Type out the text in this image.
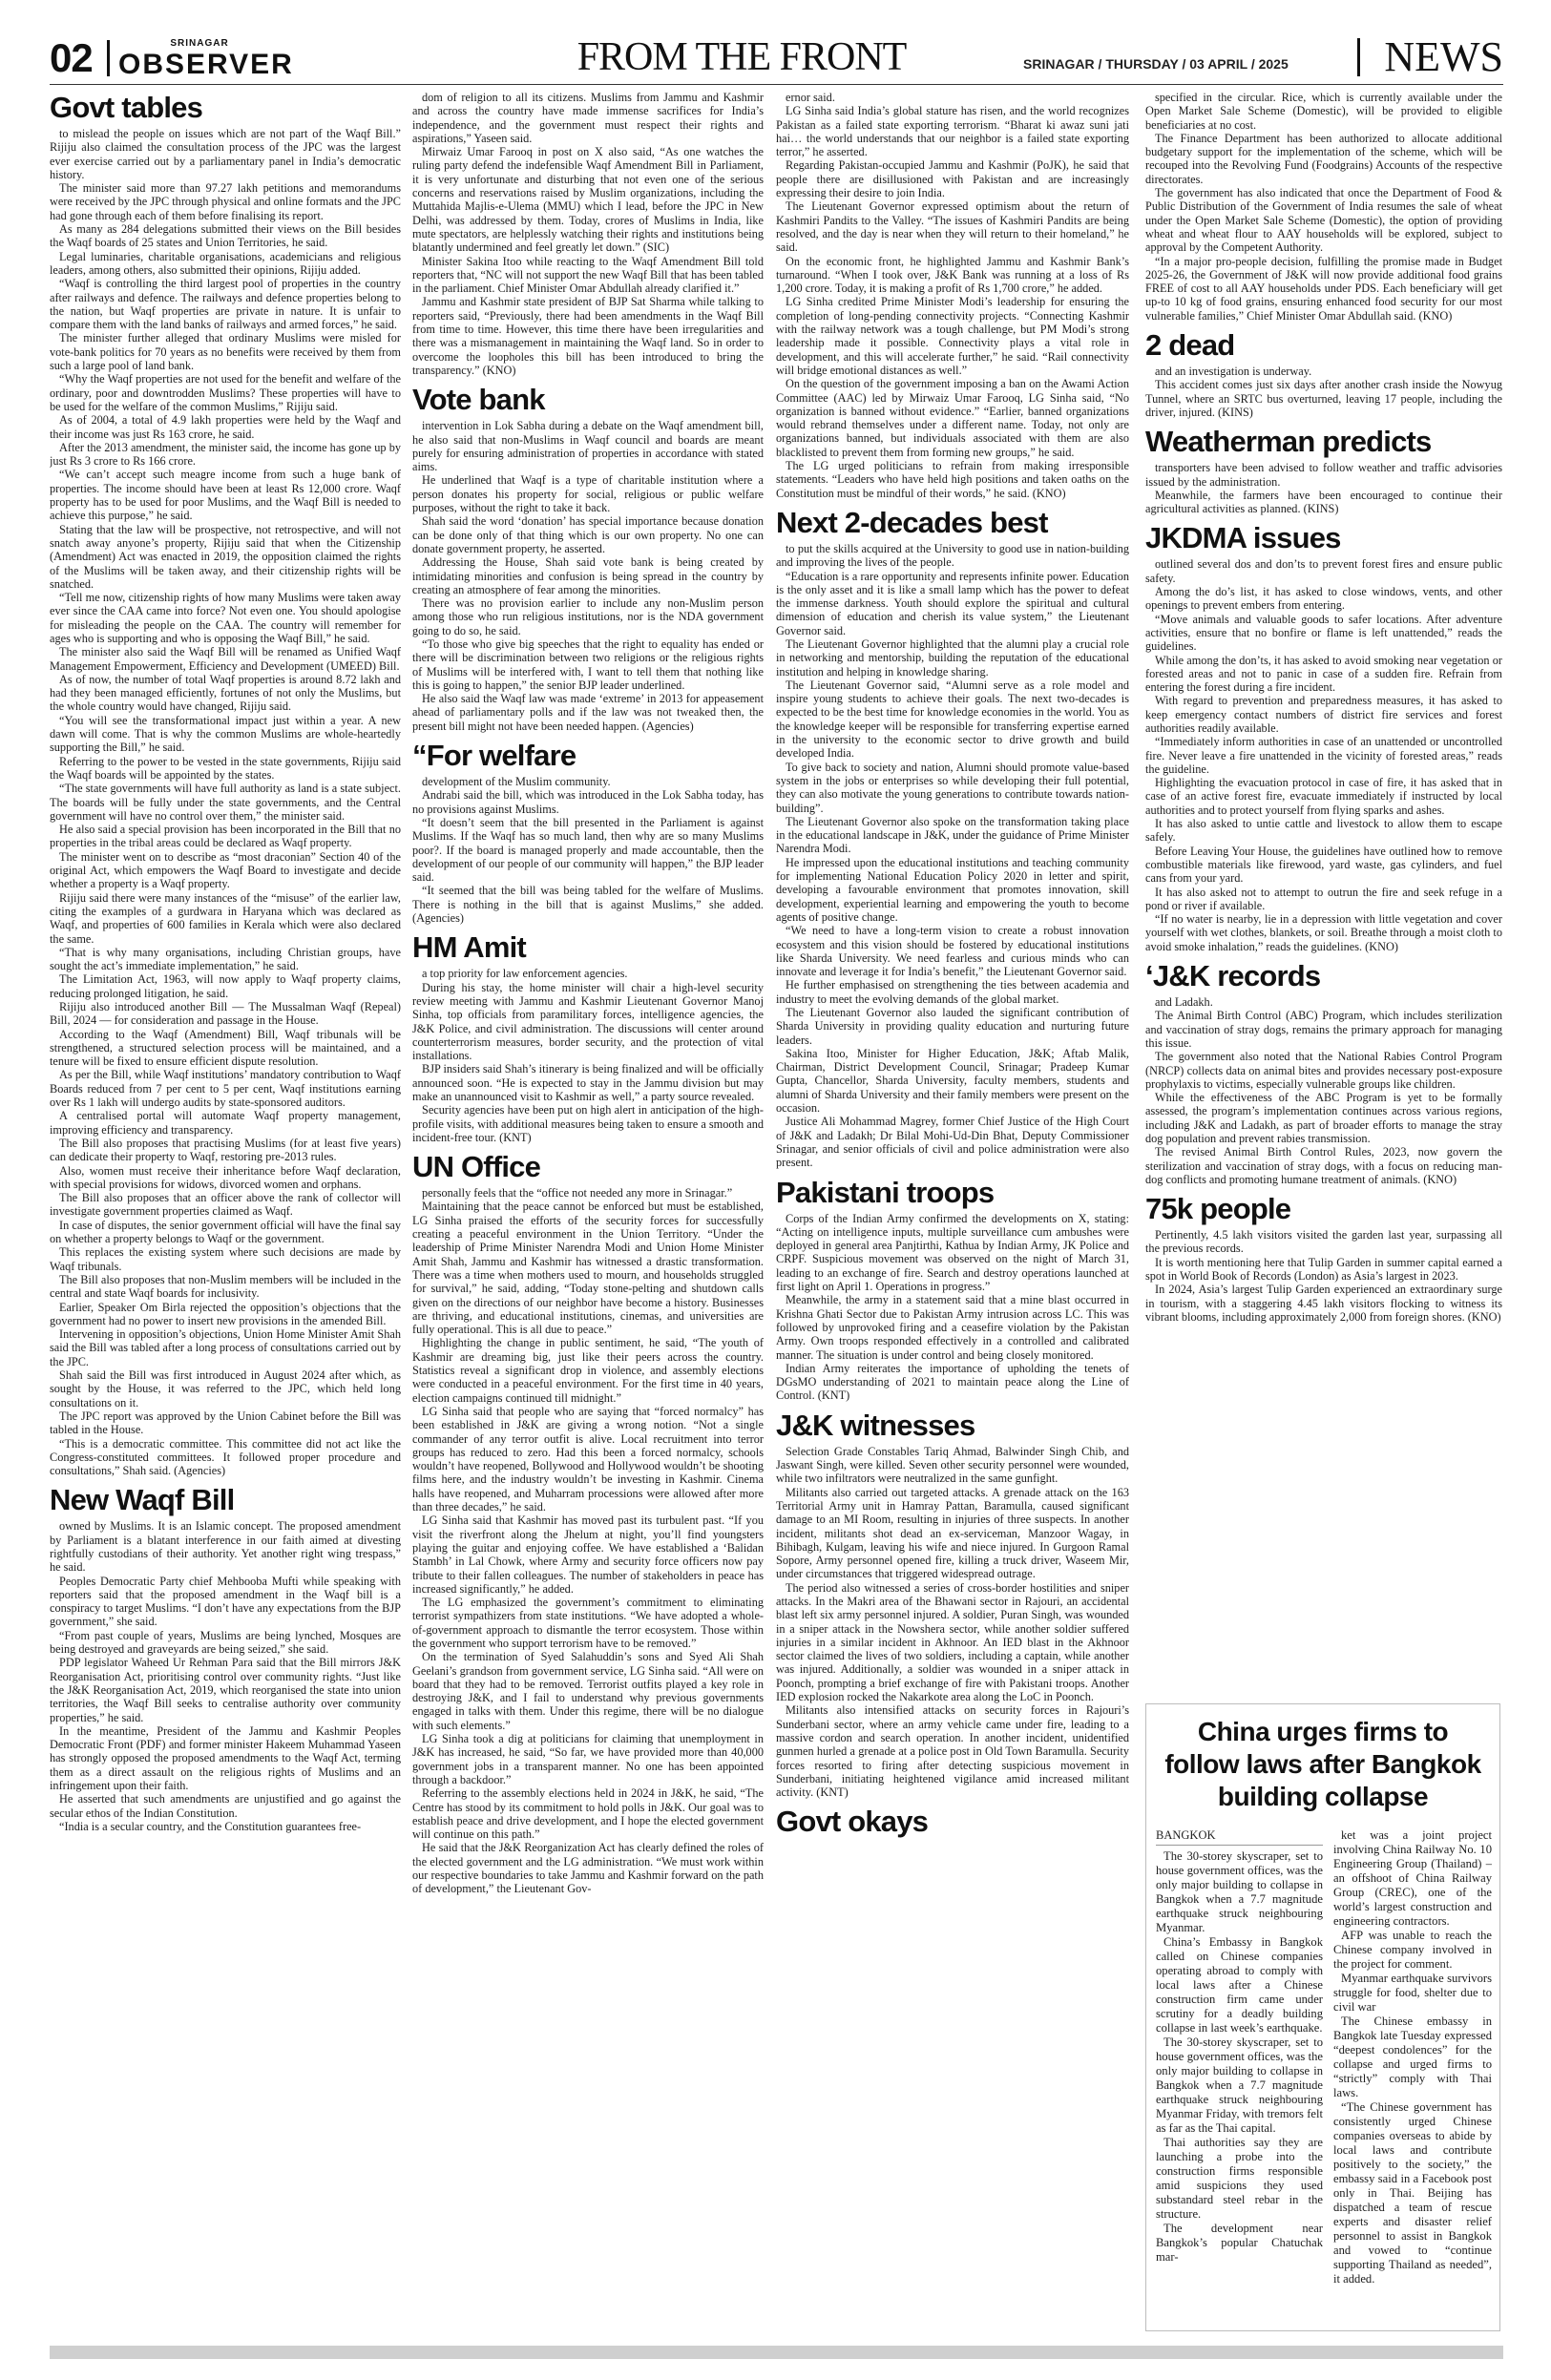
02	SRINAGAR
OBSERVER	FROM THE FRONT	SRINAGAR / THURSDAY / 03 APRIL / 2025	NEWS
Govt tables

to mislead the people on issues which are not part of the Waqf Bill.” Rijiju also claimed the consultation process of the JPC was the largest ever exercise carried out by a parliamentary panel in India’s democratic history.

The minister said more than 97.27 lakh petitions and memorandums were received by the JPC through physical and online formats and the JPC had gone through each of them before finalising its report.

As many as 284 delegations submitted their views on the Bill besides the Waqf boards of 25 states and Union Territories, he said.

Legal luminaries, charitable organisations, academicians and religious leaders, among others, also submitted their opinions, Rijiju added.

“Waqf is controlling the third largest pool of properties in the country after railways and defence. The railways and defence properties belong to the nation, but Waqf properties are private in nature. It is unfair to compare them with the land banks of railways and armed forces,” he said.

The minister further alleged that ordinary Muslims were misled for vote-bank politics for 70 years as no benefits were received by them from such a large pool of land bank.

“Why the Waqf properties are not used for the benefit and welfare of the ordinary, poor and downtrodden Muslims? These properties will have to be used for the welfare of the common Muslims,” Rijiju said.

As of 2004, a total of 4.9 lakh properties were held by the Waqf and their income was just Rs 163 crore, he said.

After the 2013 amendment, the minister said, the income has gone up by just Rs 3 crore to Rs 166 crore.

“We can’t accept such meagre income from such a huge bank of properties. The income should have been at least Rs 12,000 crore. Waqf property has to be used for poor Muslims, and the Waqf Bill is needed to achieve this purpose,” he said.

Stating that the law will be prospective, not retrospective, and will not snatch away anyone’s property, Rijiju said that when the Citizenship (Amendment) Act was enacted in 2019, the opposition claimed the rights of the Muslims will be taken away, and their citizenship rights will be snatched.

“Tell me now, citizenship rights of how many Muslims were taken away ever since the CAA came into force? Not even one. You should apologise for misleading the people on the CAA. The country will remember for ages who is supporting and who is opposing the Waqf Bill,” he said.

The minister also said the Waqf Bill will be renamed as Unified Waqf Management Empowerment, Efficiency and Development (UMEED) Bill.

As of now, the number of total Waqf properties is around 8.72 lakh and had they been managed efficiently, fortunes of not only the Muslims, but the whole country would have changed, Rijiju said.

“You will see the transformational impact just within a year. A new dawn will come. That is why the common Muslims are whole-heartedly supporting the Bill,” he said.

Referring to the power to be vested in the state governments, Rijiju said the Waqf boards will be appointed by the states.

“The state governments will have full authority as land is a state subject. The boards will be fully under the state governments, and the Central government will have no control over them,” the minister said.

He also said a special provision has been incorporated in the Bill that no properties in the tribal areas could be declared as Waqf property.

The minister went on to describe as “most draconian” Section 40 of the original Act, which empowers the Waqf Board to investigate and decide whether a property is a Waqf property.

Rijiju said there were many instances of the “misuse” of the earlier law, citing the examples of a gurdwara in Haryana which was declared as Waqf, and properties of 600 families in Kerala which were also declared the same.

“That is why many organisations, including Christian groups, have sought the act’s immediate implementation,” he said.

The Limitation Act, 1963, will now apply to Waqf property claims, reducing prolonged litigation, he said.

Rijiju also introduced another Bill — The Mussalman Waqf (Repeal) Bill, 2024 — for consideration and passage in the House.

According to the Waqf (Amendment) Bill, Waqf tribunals will be strengthened, a structured selection process will be maintained, and a tenure will be fixed to ensure efficient dispute resolution.

As per the Bill, while Waqf institutions’ mandatory contribution to Waqf Boards reduced from 7 per cent to 5 per cent, Waqf institutions earning over Rs 1 lakh will undergo audits by state-sponsored auditors.

A centralised portal will automate Waqf property management, improving efficiency and transparency.

The Bill also proposes that practising Muslims (for at least five years) can dedicate their property to Waqf, restoring pre-2013 rules.

Also, women must receive their inheritance before Waqf declaration, with special provisions for widows, divorced women and orphans.

The Bill also proposes that an officer above the rank of collector will investigate government properties claimed as Waqf.

In case of disputes, the senior government official will have the final say on whether a property belongs to Waqf or the government.

This replaces the existing system where such decisions are made by Waqf tribunals.

The Bill also proposes that non-Muslim members will be included in the central and state Waqf boards for inclusivity.

Earlier, Speaker Om Birla rejected the opposition’s objections that the government had no power to insert new provisions in the amended Bill.

Intervening in opposition’s objections, Union Home Minister Amit Shah said the Bill was tabled after a long process of consultations carried out by the JPC.

Shah said the Bill was first introduced in August 2024 after which, as sought by the House, it was referred to the JPC, which held long consultations on it.

The JPC report was approved by the Union Cabinet before the Bill was tabled in the House.

“This is a democratic committee. This committee did not act like the Congress-constituted committees. It followed proper procedure and consultations,” Shah said. (Agencies)

New Waqf Bill

owned by Muslims. It is an Islamic concept. The proposed amendment by Parliament is a blatant interference in our faith aimed at divesting rightfully custodians of their authority. Yet another right wing trespass,” he said.

Peoples Democratic Party chief Mehbooba Mufti while speaking with reporters said that the proposed amendment in the Waqf bill is a conspiracy to target Muslims. “I don’t have any expectations from the BJP government,” she said.

“From past couple of years, Muslims are being lynched, Mosques are being destroyed and graveyards are being seized,” she said.

PDP legislator Waheed Ur Rehman Para said that the Bill mirrors J&K Reorganisation Act, prioritising control over community rights. “Just like the J&K Reorganisation Act, 2019, which reorganised the state into union territories, the Waqf Bill seeks to centralise authority over community properties,” he said.

In the meantime, President of the Jammu and Kashmir Peoples Democratic Front (PDF) and former minister Hakeem Muhammad Yaseen has strongly opposed the proposed amendments to the Waqf Act, terming them as a direct assault on the religious rights of Muslims and an infringement upon their faith.

He asserted that such amendments are unjustified and go against the secular ethos of the Indian Constitution.

“India is a secular country, and the Constitution guarantees free-

dom of religion to all its citizens. Muslims from Jammu and Kashmir and across the country have made immense sacrifices for India’s independence, and the government must respect their rights and aspirations,” Yaseen said.

Mirwaiz Umar Farooq in post on X also said, “As one watches the ruling party defend the indefensible Waqf Amendment Bill in Parliament, it is very unfortunate and disturbing that not even one of the serious concerns and reservations raised by Muslim organizations, including the Muttahida Majlis-e-Ulema (MMU) which I lead, before the JPC in New Delhi, was addressed by them. Today, crores of Muslims in India, like mute spectators, are helplessly watching their rights and institutions being blatantly undermined and feel greatly let down.” (SIC)

Minister Sakina Itoo while reacting to the Waqf Amendment Bill told reporters that, “NC will not support the new Waqf Bill that has been tabled in the parliament. Chief Minister Omar Abdullah already clarified it.”

Jammu and Kashmir state president of BJP Sat Sharma while talking to reporters said, “Previously, there had been amendments in the Waqf Bill from time to time. However, this time there have been irregularities and there was a mismanagement in maintaining the Waqf land. So in order to overcome the loopholes this bill has been introduced to bring the transparency.” (KNO)

Vote bank

intervention in Lok Sabha during a debate on the Waqf amendment bill, he also said that non-Muslims in Waqf council and boards are meant purely for ensuring administration of properties in accordance with stated aims.

He underlined that Waqf is a type of charitable institution where a person donates his property for social, religious or public welfare purposes, without the right to take it back.

Shah said the word ‘donation’ has special importance because donation can be done only of that thing which is our own property. No one can donate government property, he asserted.

Addressing the House, Shah said vote bank is being created by intimidating minorities and confusion is being spread in the country by creating an atmosphere of fear among the minorities.

There was no provision earlier to include any non-Muslim person among those who run religious institutions, nor is the NDA government going to do so, he said.

“To those who give big speeches that the right to equality has ended or there will be discrimination between two religions or the religious rights of Muslims will be interfered with, I want to tell them that nothing like this is going to happen,” the senior BJP leader underlined.

He also said the Waqf law was made ‘extreme’ in 2013 for appeasement ahead of parliamentary polls and if the law was not tweaked then, the present bill might not have been needed happen. (Agencies)

“For welfare

development of the Muslim community.

Andrabi said the bill, which was introduced in the Lok Sabha today, has no provisions against Muslims.

“It doesn’t seem that the bill presented in the Parliament is against Muslims. If the Waqf has so much land, then why are so many Muslims poor?. If the board is managed properly and made accountable, then the development of our people of our community will happen,” the BJP leader said.

“It seemed that the bill was being tabled for the welfare of Muslims. There is nothing in the bill that is against Muslims,” she added. (Agencies)

HM Amit

a top priority for law enforcement agencies.

During his stay, the home minister will chair a high-level security review meeting with Jammu and Kashmir Lieutenant Governor Manoj Sinha, top officials from paramilitary forces, intelligence agencies, the J&K Police, and civil administration. The discussions will center around counterterrorism measures, border security, and the protection of vital installations.

BJP insiders said Shah’s itinerary is being finalized and will be officially announced soon. “He is expected to stay in the Jammu division but may make an unannounced visit to Kashmir as well,” a party source revealed.

Security agencies have been put on high alert in anticipation of the high-profile visits, with additional measures being taken to ensure a smooth and incident-free tour. (KNT)

UN Office

personally feels that the “office not needed any more in Srinagar.”

Maintaining that the peace cannot be enforced but must be established, LG Sinha praised the efforts of the security forces for successfully creating a peaceful environment in the Union Territory. “Under the leadership of Prime Minister Narendra Modi and Union Home Minister Amit Shah, Jammu and Kashmir has witnessed a drastic transformation. There was a time when mothers used to mourn, and households struggled for survival,” he said, adding, “Today stone-pelting and shutdown calls given on the directions of our neighbor have become a history. Businesses are thriving, and educational institutions, cinemas, and universities are fully operational. This is all due to peace.”

Highlighting the change in public sentiment, he said, “The youth of Kashmir are dreaming big, just like their peers across the country. Statistics reveal a significant drop in violence, and assembly elections were conducted in a peaceful environment. For the first time in 40 years, election campaigns continued till midnight.”

LG Sinha said that people who are saying that “forced normalcy” has been established in J&K are giving a wrong notion. “Not a single commander of any terror outfit is alive. Local recruitment into terror groups has reduced to zero. Had this been a forced normalcy, schools wouldn’t have reopened, Bollywood and Hollywood wouldn’t be shooting films here, and the industry wouldn’t be investing in Kashmir. Cinema halls have reopened, and Muharram processions were allowed after more than three decades,” he said.

LG Sinha said that Kashmir has moved past its turbulent past. “If you visit the riverfront along the Jhelum at night, you’ll find youngsters playing the guitar and enjoying coffee. We have established a ‘Balidan Stambh’ in Lal Chowk, where Army and security force officers now pay tribute to their fallen colleagues. The number of stakeholders in peace has increased significantly,” he added.

The LG emphasized the government’s commitment to eliminating terrorist sympathizers from state institutions. “We have adopted a whole-of-government approach to dismantle the terror ecosystem. Those within the government who support terrorism have to be removed.”

On the termination of Syed Salahuddin’s sons and Syed Ali Shah Geelani’s grandson from government service, LG Sinha said. “All were on board that they had to be removed. Terrorist outfits played a key role in destroying J&K, and I fail to understand why previous governments engaged in talks with them. Under this regime, there will be no dialogue with such elements.”

LG Sinha took a dig at politicians for claiming that unemployment in J&K has increased, he said, “So far, we have provided more than 40,000 government jobs in a transparent manner. No one has been appointed through a backdoor.”

Referring to the assembly elections held in 2024 in J&K, he said, “The Centre has stood by its commitment to hold polls in J&K. Our goal was to establish peace and drive development, and I hope the elected government will continue on this path.”

He said that the J&K Reorganization Act has clearly defined the roles of the elected government and the LG administration. “We must work within our respective boundaries to take Jammu and Kashmir forward on the path of development,” the Lieutenant Gov-

ernor said.

LG Sinha said India’s global stature has risen, and the world recognizes Pakistan as a failed state exporting terrorism. “Bharat ki awaz suni jati hai… the world understands that our neighbor is a failed state exporting terror,” he asserted.

Regarding Pakistan-occupied Jammu and Kashmir (PoJK), he said that people there are disillusioned with Pakistan and are increasingly expressing their desire to join India.

The Lieutenant Governor expressed optimism about the return of Kashmiri Pandits to the Valley. “The issues of Kashmiri Pandits are being resolved, and the day is near when they will return to their homeland,” he said.

On the economic front, he highlighted Jammu and Kashmir Bank’s turnaround. “When I took over, J&K Bank was running at a loss of Rs 1,200 crore. Today, it is making a profit of Rs 1,700 crore,” he added.

LG Sinha credited Prime Minister Modi’s leadership for ensuring the completion of long-pending connectivity projects. “Connecting Kashmir with the railway network was a tough challenge, but PM Modi’s strong leadership made it possible. Connectivity plays a vital role in development, and this will accelerate further,” he said. “Rail connectivity will bridge emotional distances as well.”

On the question of the government imposing a ban on the Awami Action Committee (AAC) led by Mirwaiz Umar Farooq, LG Sinha said, “No organization is banned without evidence.” “Earlier, banned organizations would rebrand themselves under a different name. Today, not only are organizations banned, but individuals associated with them are also blacklisted to prevent them from forming new groups,” he said.

The LG urged politicians to refrain from making irresponsible statements. “Leaders who have held high positions and taken oaths on the Constitution must be mindful of their words,” he said. (KNO)

Next 2-decades best

to put the skills acquired at the University to good use in nation-building and improving the lives of the people.

“Education is a rare opportunity and represents infinite power. Education is the only asset and it is like a small lamp which has the power to defeat the immense darkness. Youth should explore the spiritual and cultural dimension of education and cherish its value system,” the Lieutenant Governor said.

The Lieutenant Governor highlighted that the alumni play a crucial role in networking and mentorship, building the reputation of the educational institution and helping in knowledge sharing.

The Lieutenant Governor said, “Alumni serve as a role model and inspire young students to achieve their goals. The next two-decades is expected to be the best time for knowledge economies in the world. You as the knowledge keeper will be responsible for transferring expertise earned in the university to the economic sector to drive growth and build developed India.

To give back to society and nation, Alumni should promote value-based system in the jobs or enterprises so while developing their full potential, they can also motivate the young generations to contribute towards nation-building”.

The Lieutenant Governor also spoke on the transformation taking place in the educational landscape in J&K, under the guidance of Prime Minister Narendra Modi.

He impressed upon the educational institutions and teaching community for implementing National Education Policy 2020 in letter and spirit, developing a favourable environment that promotes innovation, skill development, experiential learning and empowering the youth to become agents of positive change.

“We need to have a long-term vision to create a robust innovation ecosystem and this vision should be fostered by educational institutions like Sharda University. We need fearless and curious minds who can innovate and leverage it for India’s benefit,” the Lieutenant Governor said.

He further emphasised on strengthening the ties between academia and industry to meet the evolving demands of the global market.

The Lieutenant Governor also lauded the significant contribution of Sharda University in providing quality education and nurturing future leaders.

Sakina Itoo, Minister for Higher Education, J&K; Aftab Malik, Chairman, District Development Council, Srinagar; Pradeep Kumar Gupta, Chancellor, Sharda University, faculty members, students and alumni of Sharda University and their family members were present on the occasion.

Justice Ali Mohammad Magrey, former Chief Justice of the High Court of J&K and Ladakh; Dr Bilal Mohi-Ud-Din Bhat, Deputy Commissioner Srinagar, and senior officials of civil and police administration were also present.

Pakistani troops

Corps of the Indian Army confirmed the developments on X, stating: “Acting on intelligence inputs, multiple surveillance cum ambushes were deployed in general area Panjtirthi, Kathua by Indian Army, JK Police and CRPF. Suspicious movement was observed on the night of March 31, leading to an exchange of fire. Search and destroy operations launched at first light on April 1. Operations in progress.”

Meanwhile, the army in a statement said that a mine blast occurred in Krishna Ghati Sector due to Pakistan Army intrusion across LC. This was followed by unprovoked firing and a ceasefire violation by the Pakistan Army. Own troops responded effectively in a controlled and calibrated manner. The situation is under control and being closely monitored.

Indian Army reiterates the importance of upholding the tenets of DGsMO understanding of 2021 to maintain peace along the Line of Control. (KNT)

J&K witnesses

Selection Grade Constables Tariq Ahmad, Balwinder Singh Chib, and Jaswant Singh, were killed. Seven other security personnel were wounded, while two infiltrators were neutralized in the same gunfight.

Militants also carried out targeted attacks. A grenade attack on the 163 Territorial Army unit in Hamray Pattan, Baramulla, caused significant damage to an MI Room, resulting in injuries of three suspects. In another incident, militants shot dead an ex-serviceman, Manzoor Wagay, in Bihibagh, Kulgam, leaving his wife and niece injured. In Gurgoon Ramal Sopore, Army personnel opened fire, killing a truck driver, Waseem Mir, under circumstances that triggered widespread outrage.

The period also witnessed a series of cross-border hostilities and sniper attacks. In the Makri area of the Bhawani sector in Rajouri, an accidental blast left six army personnel injured. A soldier, Puran Singh, was wounded in a sniper attack in the Nowshera sector, while another soldier suffered injuries in a similar incident in Akhnoor. An IED blast in the Akhnoor sector claimed the lives of two soldiers, including a captain, while another was injured. Additionally, a soldier was wounded in a sniper attack in Poonch, prompting a brief exchange of fire with Pakistani troops. Another IED explosion rocked the Nakarkote area along the LoC in Poonch.

Militants also intensified attacks on security forces in Rajouri’s Sunderbani sector, where an army vehicle came under fire, leading to a massive cordon and search operation. In another incident, unidentified gunmen hurled a grenade at a police post in Old Town Baramulla. Security forces resorted to firing after detecting suspicious movement in Sunderbani, initiating heightened vigilance amid increased militant activity. (KNT)

Govt okays

specified in the circular. Rice, which is currently available under the Open Market Sale Scheme (Domestic), will be provided to eligible beneficiaries at no cost.

The Finance Department has been authorized to allocate additional budgetary support for the implementation of the scheme, which will be recouped into the Revolving Fund (Foodgrains) Accounts of the respective directorates.

The government has also indicated that once the Department of Food & Public Distribution of the Government of India resumes the sale of wheat under the Open Market Sale Scheme (Domestic), the option of providing wheat and wheat flour to AAY households will be explored, subject to approval by the Competent Authority.

“In a major pro-people decision, fulfilling the promise made in Budget 2025-26, the Government of J&K will now provide additional food grains FREE of cost to all AAY households under PDS. Each beneficiary will get up-to 10 kg of food grains, ensuring enhanced food security for our most vulnerable families,” Chief Minister Omar Abdullah said. (KNO)

2 dead

and an investigation is underway.

This accident comes just six days after another crash inside the Nowyug Tunnel, where an SRTC bus overturned, leaving 17 people, including the driver, injured. (KINS)

Weatherman predicts

transporters have been advised to follow weather and traffic advisories issued by the administration.

Meanwhile, the farmers have been encouraged to continue their agricultural activities as planned. (KINS)

JKDMA issues

outlined several dos and don’ts to prevent forest fires and ensure public safety.

Among the do’s list, it has asked to close windows, vents, and other openings to prevent embers from entering.

“Move animals and valuable goods to safer locations. After adventure activities, ensure that no bonfire or flame is left unattended,” reads the guidelines.

While among the don’ts, it has asked to avoid smoking near vegetation or forested areas and not to panic in case of a sudden fire. Refrain from entering the forest during a fire incident.

With regard to prevention and preparedness measures, it has asked to keep emergency contact numbers of district fire services and forest authorities readily available.

“Immediately inform authorities in case of an unattended or uncontrolled fire. Never leave a fire unattended in the vicinity of forested areas,” reads the guideline.

Highlighting the evacuation protocol in case of fire, it has asked that in case of an active forest fire, evacuate immediately if instructed by local authorities and to protect yourself from flying sparks and ashes.

It has also asked to untie cattle and livestock to allow them to escape safely.

Before Leaving Your House, the guidelines have outlined how to remove combustible materials like firewood, yard waste, gas cylinders, and fuel cans from your yard.

It has also asked not to attempt to outrun the fire and seek refuge in a pond or river if available.

“If no water is nearby, lie in a depression with little vegetation and cover yourself with wet clothes, blankets, or soil. Breathe through a moist cloth to avoid smoke inhalation,” reads the guidelines. (KNO)

‘J&K records

and Ladakh.

The Animal Birth Control (ABC) Program, which includes sterilization and vaccination of stray dogs, remains the primary approach for managing this issue.

The government also noted that the National Rabies Control Program (NRCP) collects data on animal bites and provides necessary post-exposure prophylaxis to victims, especially vulnerable groups like children.

While the effectiveness of the ABC Program is yet to be formally assessed, the program’s implementation continues across various regions, including J&K and Ladakh, as part of broader efforts to manage the stray dog population and prevent rabies transmission.

The revised Animal Birth Control Rules, 2023, now govern the sterilization and vaccination of stray dogs, with a focus on reducing man-dog conflicts and promoting humane treatment of animals. (KNO)

75k people

Pertinently, 4.5 lakh visitors visited the garden last year, surpassing all the previous records.

It is worth mentioning here that Tulip Garden in summer capital earned a spot in World Book of Records (London) as Asia’s largest in 2023.

In 2024, Asia’s largest Tulip Garden experienced an extraordinary surge in tourism, with a staggering 4.45 lakh visitors flocking to witness its vibrant blooms, including approximately 2,000 from foreign shores. (KNO)

China urges firms to follow laws after Bangkok building collapse
BANGKOK

The 30-storey skyscraper, set to house government offices, was the only major building to collapse in Bangkok when a 7.7 magnitude earthquake struck neighbouring Myanmar.

China’s Embassy in Bangkok called on Chinese companies operating abroad to comply with local laws after a Chinese construction firm came under scrutiny for a deadly building collapse in last week’s earthquake.

The 30-storey skyscraper, set to house government offices, was the only major building to collapse in Bangkok when a 7.7 magnitude earthquake struck neighbouring Myanmar Friday, with tremors felt as far as the Thai capital.

Thai authorities say they are launching a probe into the construction firms responsible amid suspicions they used substandard steel rebar in the structure.

The development near Bangkok’s popular Chatuchak mar-

ket was a joint project involving China Railway No. 10 Engineering Group (Thailand) – an offshoot of China Railway Group (CREC), one of the world’s largest construction and engineering contractors.

AFP was unable to reach the Chinese company involved in the project for comment.

Myanmar earthquake survivors struggle for food, shelter due to civil war

The Chinese embassy in Bangkok late Tuesday expressed “deepest condolences” for the collapse and urged firms to “strictly” comply with Thai laws.

“The Chinese government has consistently urged Chinese companies overseas to abide by local laws and contribute positively to the society,” the embassy said in a Facebook post only in Thai. Beijing has dispatched a team of rescue experts and disaster relief personnel to assist in Bangkok and vowed to “continue supporting Thailand as needed”, it added.
